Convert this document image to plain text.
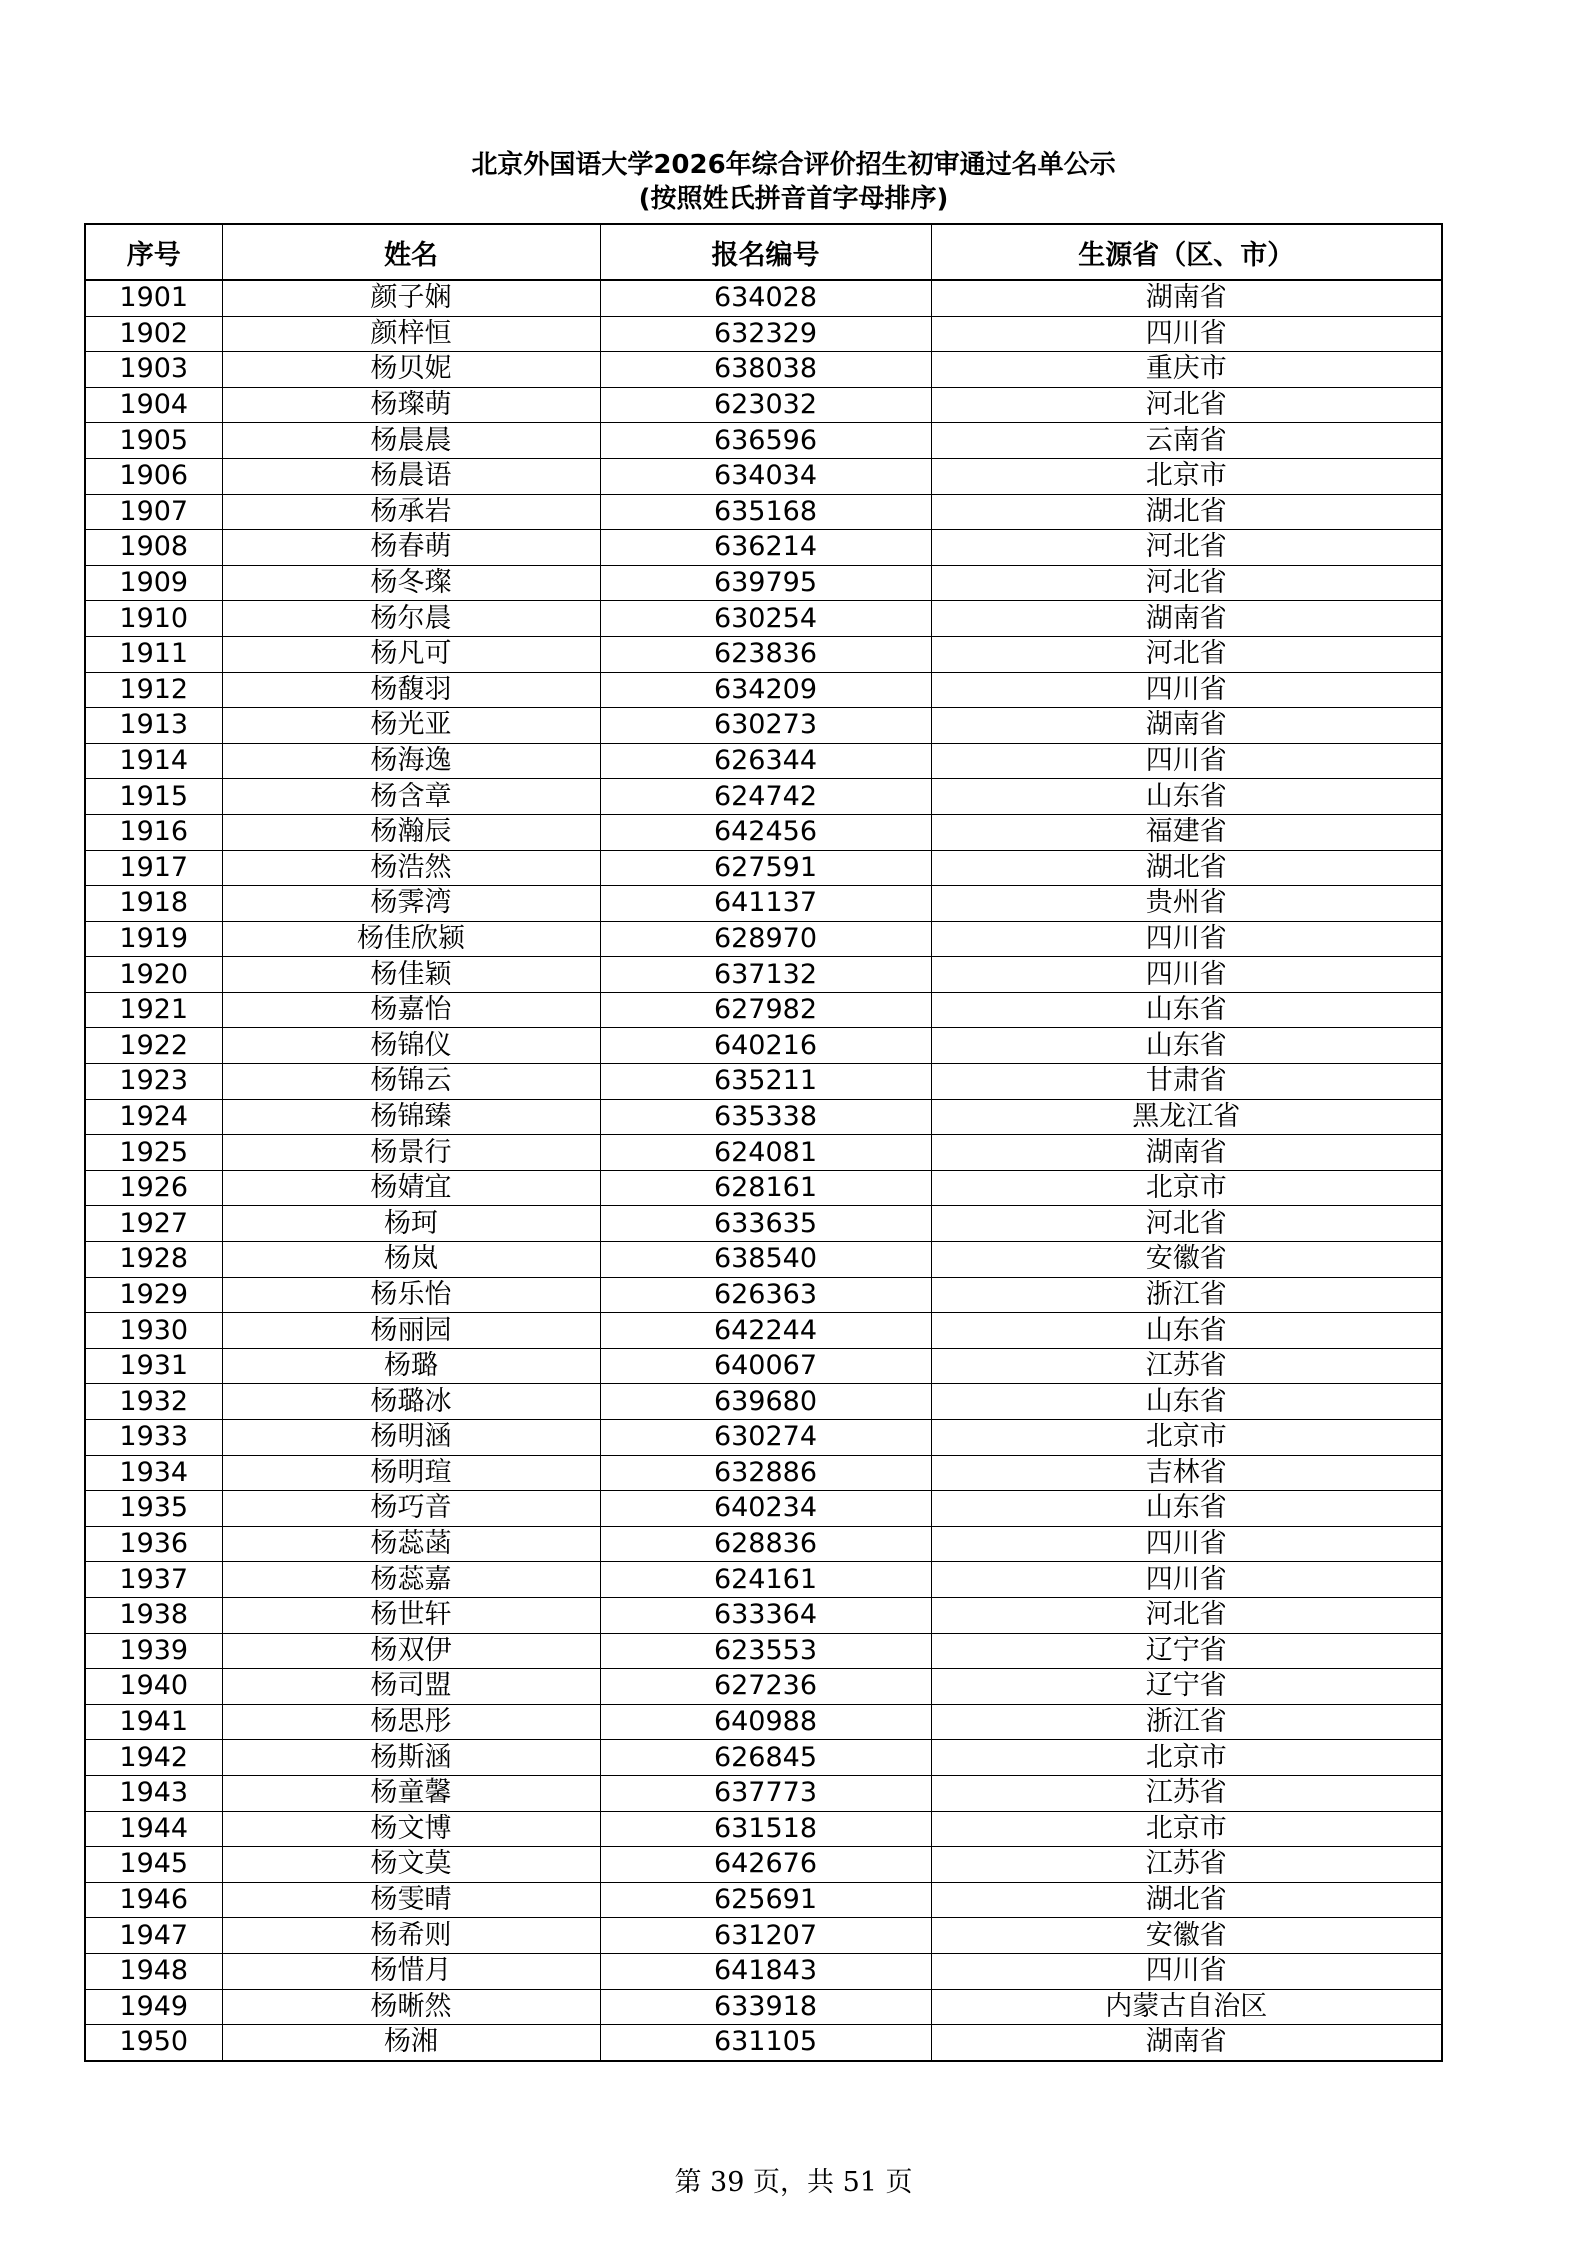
北京外国语大学2026年综合评价招生初审通过名单公示
(按照姓氏拼音首字母排序)
序号	姓名	报名编号	生源省（区、市）
1901	颜子娴	634028	湖南省
1902	颜梓恒	632329	四川省
1903	杨贝妮	638038	重庆市
1904	杨璨萌	623032	河北省
1905	杨晨晨	636596	云南省
1906	杨晨语	634034	北京市
1907	杨承岩	635168	湖北省
1908	杨春萌	636214	河北省
1909	杨冬璨	639795	河北省
1910	杨尔晨	630254	湖南省
1911	杨凡可	623836	河北省
1912	杨馥羽	634209	四川省
1913	杨光亚	630273	湖南省
1914	杨海逸	626344	四川省
1915	杨含章	624742	山东省
1916	杨瀚辰	642456	福建省
1917	杨浩然	627591	湖北省
1918	杨霁湾	641137	贵州省
1919	杨佳欣颍	628970	四川省
1920	杨佳颖	637132	四川省
1921	杨嘉怡	627982	山东省
1922	杨锦仪	640216	山东省
1923	杨锦云	635211	甘肃省
1924	杨锦臻	635338	黑龙江省
1925	杨景行	624081	湖南省
1926	杨婧宜	628161	北京市
1927	杨珂	633635	河北省
1928	杨岚	638540	安徽省
1929	杨乐怡	626363	浙江省
1930	杨丽园	642244	山东省
1931	杨璐	640067	江苏省
1932	杨璐冰	639680	山东省
1933	杨明涵	630274	北京市
1934	杨明瑄	632886	吉林省
1935	杨巧音	640234	山东省
1936	杨蕊菡	628836	四川省
1937	杨蕊嘉	624161	四川省
1938	杨世轩	633364	河北省
1939	杨双伊	623553	辽宁省
1940	杨司盟	627236	辽宁省
1941	杨思彤	640988	浙江省
1942	杨斯涵	626845	北京市
1943	杨童馨	637773	江苏省
1944	杨文博	631518	北京市
1945	杨文莫	642676	江苏省
1946	杨雯晴	625691	湖北省
1947	杨希则	631207	安徽省
1948	杨惜月	641843	四川省
1949	杨晰然	633918	内蒙古自治区
1950	杨湘	631105	湖南省
第 39 页，共 51 页
